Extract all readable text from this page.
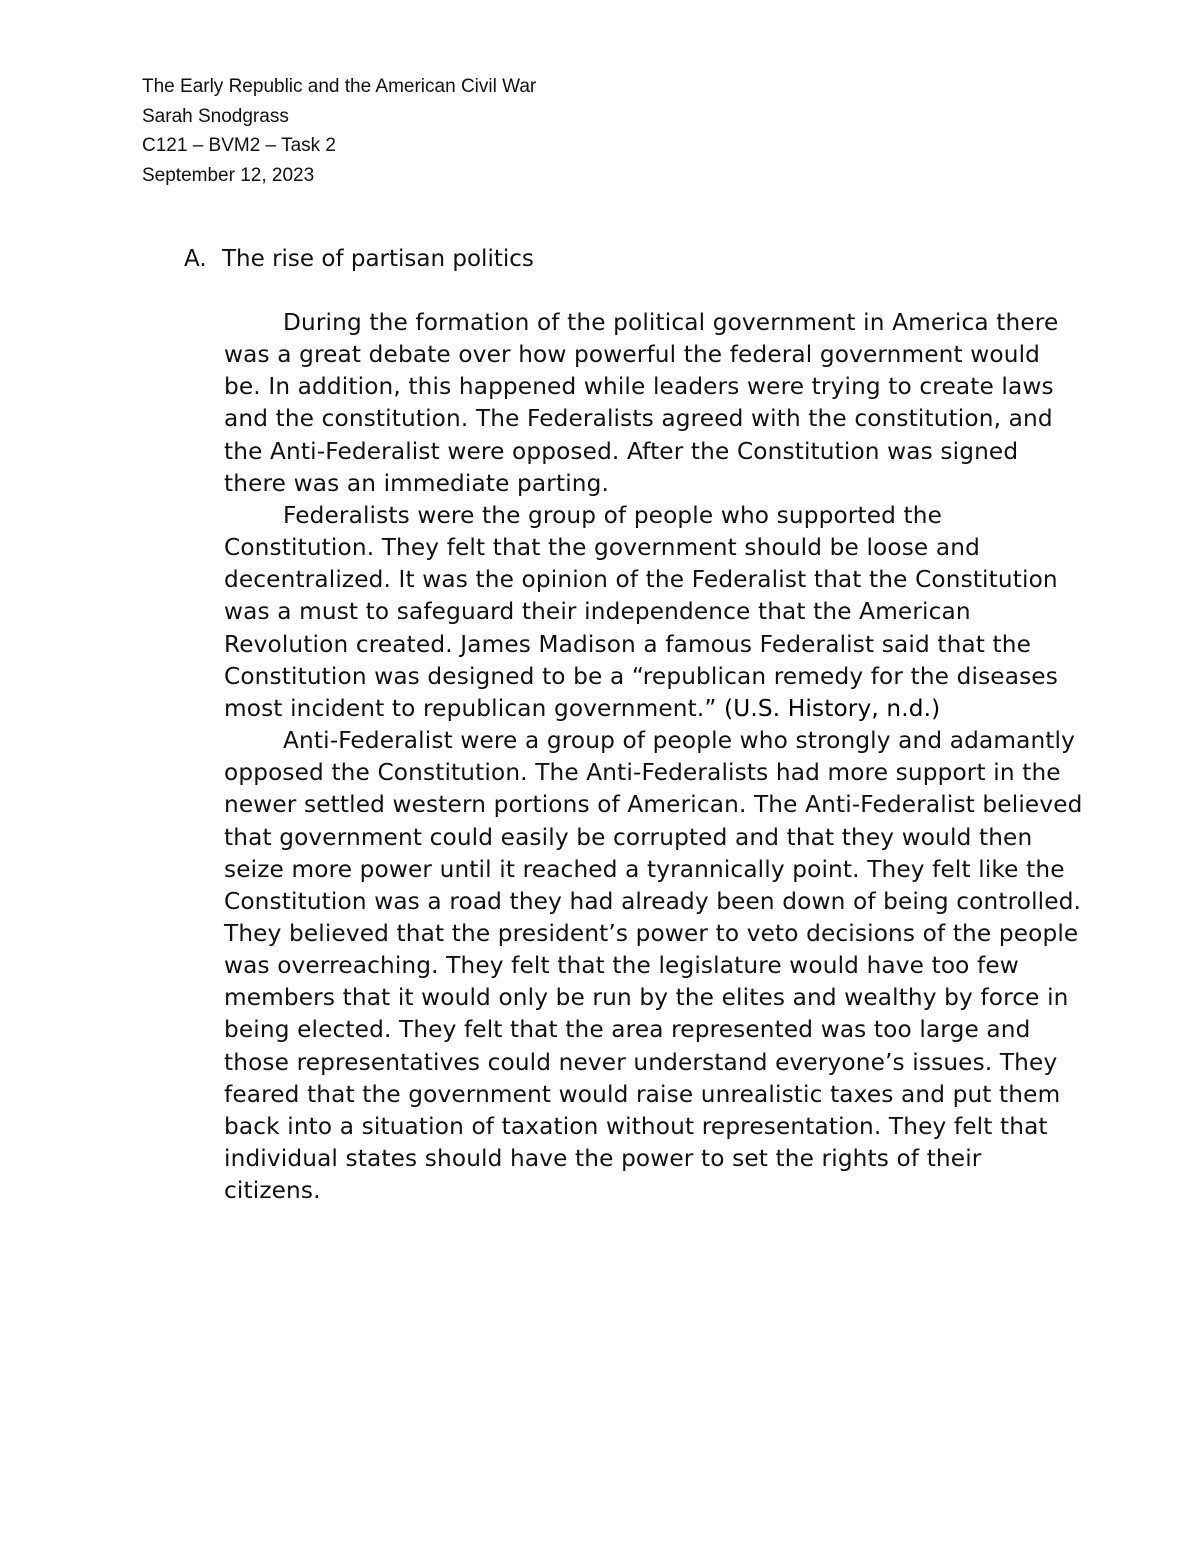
The Early Republic and the American Civil War
Sarah Snodgrass
C121 – BVM2 – Task 2
September 12, 2023
A. The rise of partisan politics

During the formation of the political government in America there was a great debate over how powerful the federal government would be. In addition, this happened while leaders were trying to create laws and the constitution. The Federalists agreed with the constitution, and the Anti-Federalist were opposed. After the Constitution was signed there was an immediate parting.

Federalists were the group of people who supported the Constitution. They felt that the government should be loose and decentralized. It was the opinion of the Federalist that the Constitution was a must to safeguard their independence that the American Revolution created. James Madison a famous Federalist said that the Constitution was designed to be a “republican remedy for the diseases most incident to republican government.” (U.S. History, n.d.)

Anti-Federalist were a group of people who strongly and adamantly opposed the Constitution. The Anti-Federalists had more support in the newer settled western portions of American. The Anti-Federalist believed that government could easily be corrupted and that they would then seize more power until it reached a tyrannically point. They felt like the Constitution was a road they had already been down of being controlled. They believed that the president’s power to veto decisions of the people was overreaching. They felt that the legislature would have too few members that it would only be run by the elites and wealthy by force in being elected. They felt that the area represented was too large and those representatives could never understand everyone’s issues. They feared that the government would raise unrealistic taxes and put them back into a situation of taxation without representation. They felt that individual states should have the power to set the rights of their citizens.
